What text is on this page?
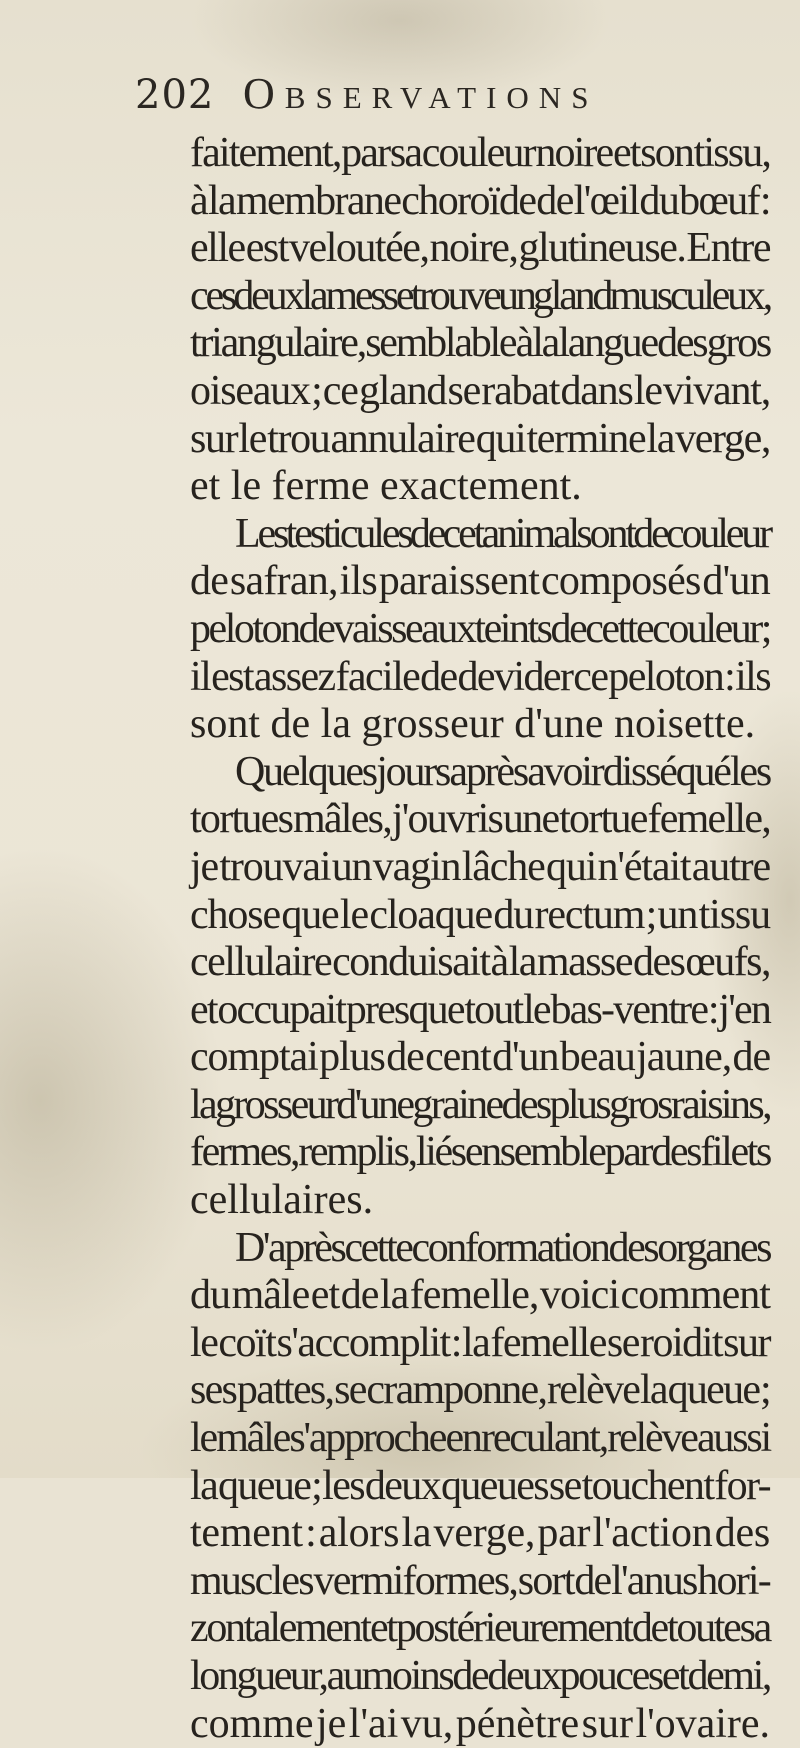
202 Observations
faitement, par sa couleur noire et son tissu,
à la membrane choroïde de l'œil du bœuf :
elle est veloutée, noire, glutineuse. Entre
ces deux lames se trouve un gland musculeux,
triangulaire, semblable à la langue des gros
oiseaux ; ce gland se rabat dans le vivant,
sur le trou annulaire qui termine la verge,
et le ferme exactement.
Les testicules de cet animal sont de couleur
de safran, ils paraissent composés d'un
peloton de vaisseaux teints de cette couleur ;
il est assez facile de devider ce peloton : ils
sont de la grosseur d'une noisette.
Quelques jours après avoir disséqué les
tortues mâles, j'ouvris une tortue femelle,
je trouvai un vagin lâche qui n'était autre
chose que le cloaque du rectum ; un tissu
cellulaire conduisait à la masse des œufs,
et occupait presque tout le bas-ventre : j'en
comptai plus de cent d'un beau jaune, de
la grosseur d'une graine des plus gros raisins,
fermes, remplis, liés ensemble par des filets
cellulaires.
D'après cette conformation des organes
du mâle et de la femelle, voici comment
le coït s'accomplit : la femelle se roidit sur
ses pattes, se cramponne, relève la queue ;
le mâle s'approche en reculant, relève aussi
la queue ; les deux queues se touchent for-
tement : alors la verge, par l'action des
muscles vermiformes, sort de l'anus hori-
zontalement et postérieurement de toute sa
longueur, au moins de deux pouces et demi,
comme je l'ai vu, pénètre sur l'ovaire.
